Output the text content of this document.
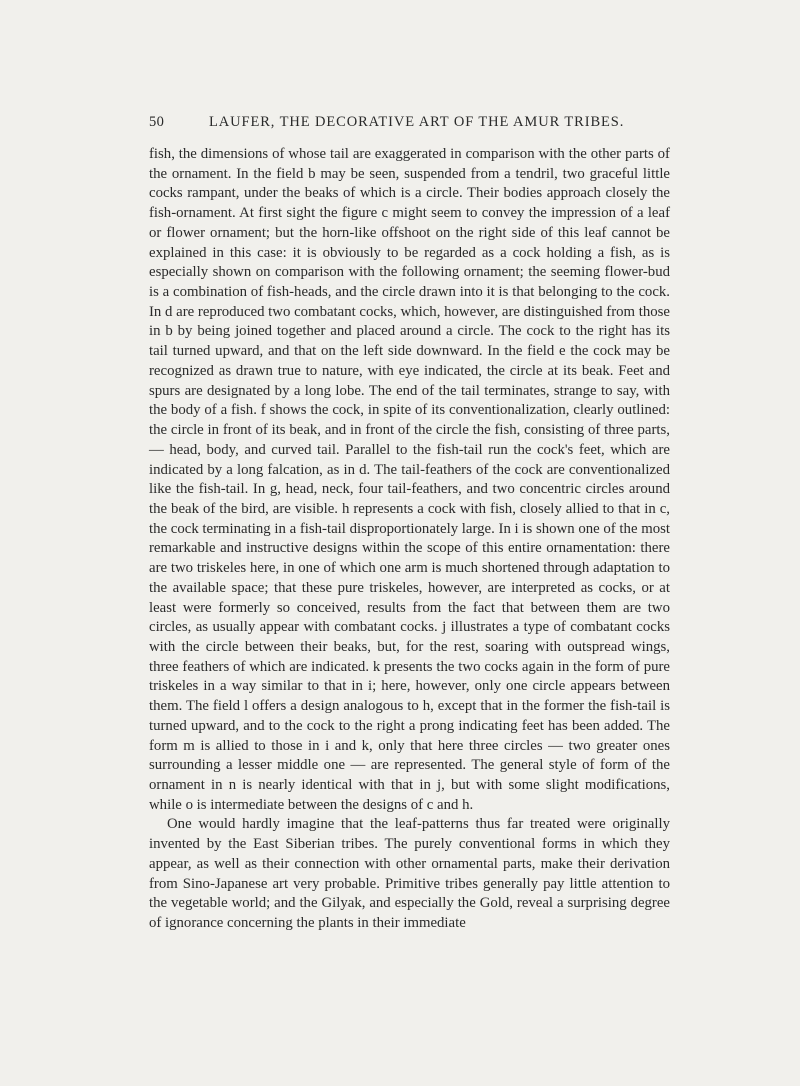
50	LAUFER, THE DECORATIVE ART OF THE AMUR TRIBES.

fish, the dimensions of whose tail are exaggerated in comparison with the other parts of the ornament. In the field b may be seen, suspended from a tendril, two graceful little cocks rampant, under the beaks of which is a circle. Their bodies approach closely the fish-ornament. At first sight the figure c might seem to convey the impression of a leaf or flower ornament; but the horn-like offshoot on the right side of this leaf cannot be explained in this case: it is obviously to be regarded as a cock holding a fish, as is especially shown on comparison with the following ornament; the seeming flower-bud is a combination of fish-heads, and the circle drawn into it is that belonging to the cock. In d are reproduced two combatant cocks, which, however, are distinguished from those in b by being joined together and placed around a circle. The cock to the right has its tail turned upward, and that on the left side downward. In the field e the cock may be recognized as drawn true to nature, with eye indicated, the circle at its beak. Feet and spurs are designated by a long lobe. The end of the tail terminates, strange to say, with the body of a fish. f shows the cock, in spite of its conventionalization, clearly outlined: the circle in front of its beak, and in front of the circle the fish, consisting of three parts, — head, body, and curved tail. Parallel to the fish-tail run the cock's feet, which are indicated by a long falcation, as in d. The tail-feathers of the cock are conventionalized like the fish-tail. In g, head, neck, four tail-feathers, and two concentric circles around the beak of the bird, are visible. h represents a cock with fish, closely allied to that in c, the cock terminating in a fish-tail disproportionately large. In i is shown one of the most remarkable and instructive designs within the scope of this entire ornamentation: there are two triskeles here, in one of which one arm is much shortened through adaptation to the available space; that these pure triskeles, however, are interpreted as cocks, or at least were formerly so conceived, results from the fact that between them are two circles, as usually appear with combatant cocks. j illustrates a type of combatant cocks with the circle between their beaks, but, for the rest, soaring with outspread wings, three feathers of which are indicated. k presents the two cocks again in the form of pure triskeles in a way similar to that in i; here, however, only one circle appears between them. The field l offers a design analogous to h, except that in the former the fish-tail is turned upward, and to the cock to the right a prong indicating feet has been added. The form m is allied to those in i and k, only that here three circles — two greater ones surrounding a lesser middle one — are represented. The general style of form of the ornament in n is nearly identical with that in j, but with some slight modifications, while o is intermediate between the designs of c and h.

One would hardly imagine that the leaf-patterns thus far treated were originally invented by the East Siberian tribes. The purely conventional forms in which they appear, as well as their connection with other ornamental parts, make their derivation from Sino-Japanese art very probable. Primitive tribes generally pay little attention to the vegetable world; and the Gilyak, and especially the Gold, reveal a surprising degree of ignorance concerning the plants in their immediate
